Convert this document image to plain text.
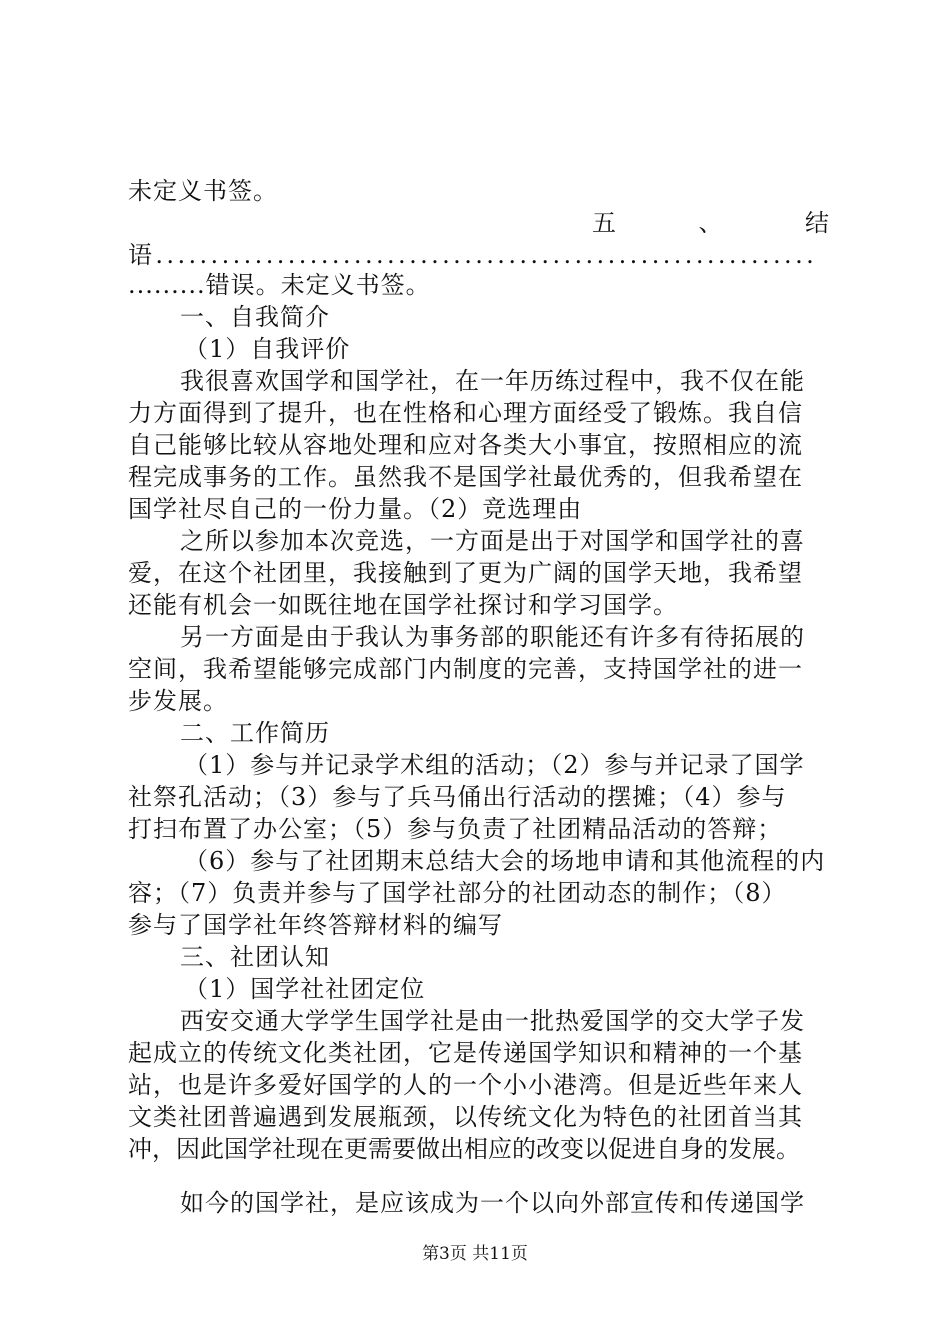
未定义书签。
五	、	结
语............................................................
.........错误。未定义书签。
一、自我简介
（1）自我评价
我很喜欢国学和国学社，在一年历练过程中，我不仅在能
力方面得到了提升，也在性格和心理方面经受了锻炼。我自信
自己能够比较从容地处理和应对各类大小事宜，按照相应的流
程完成事务的工作。虽然我不是国学社最优秀的，但我希望在
国学社尽自己的一份力量。（2）竞选理由
之所以参加本次竞选，一方面是出于对国学和国学社的喜
爱，在这个社团里，我接触到了更为广阔的国学天地，我希望
还能有机会一如既往地在国学社探讨和学习国学。
另一方面是由于我认为事务部的职能还有许多有待拓展的
空间，我希望能够完成部门内制度的完善，支持国学社的进一
步发展。
二、工作简历
（1）参与并记录学术组的活动；（2）参与并记录了国学
社祭孔活动；（3）参与了兵马俑出行活动的摆摊；（4）参与
打扫布置了办公室；（5）参与负责了社团精品活动的答辩；
（6）参与了社团期末总结大会的场地申请和其他流程的内
容；（7）负责并参与了国学社部分的社团动态的制作；（8）
参与了国学社年终答辩材料的编写
三、社团认知
（1）国学社社团定位
西安交通大学学生国学社是由一批热爱国学的交大学子发
起成立的传统文化类社团，它是传递国学知识和精神的一个基
站，也是许多爱好国学的人的一个小小港湾。但是近些年来人
文类社团普遍遇到发展瓶颈，以传统文化为特色的社团首当其
冲，因此国学社现在更需要做出相应的改变以促进自身的发展。
如今的国学社，是应该成为一个以向外部宣传和传递国学
第3页 共11页
